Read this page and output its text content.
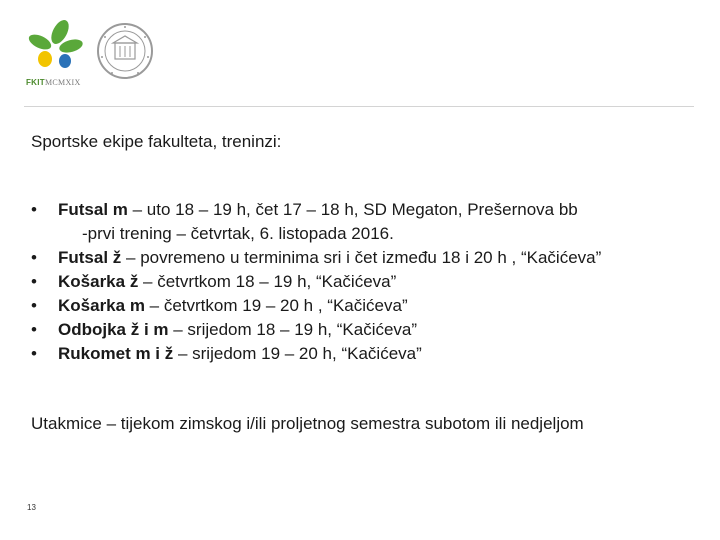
FKITMCMXIX
Sportske ekipe fakulteta, treninzi:
• Futsal m – uto 18 – 19 h, čet 17 – 18 h, SD Megaton, Prešernova bb
-prvi trening – četvrtak, 6. listopada 2016.
• Futsal ž – povremeno u terminima sri i čet između 18 i 20 h , “Kačićeva”
• Košarka ž – četvrtkom 18 – 19 h, “Kačićeva”
• Košarka m – četvrtkom 19 – 20 h , “Kačićeva”
• Odbojka ž i m – srijedom 18 – 19 h, “Kačićeva”
• Rukomet m i ž – srijedom 19 – 20 h, “Kačićeva”
Utakmice – tijekom zimskog i/ili proljetnog semestra subotom ili nedjeljom
13
